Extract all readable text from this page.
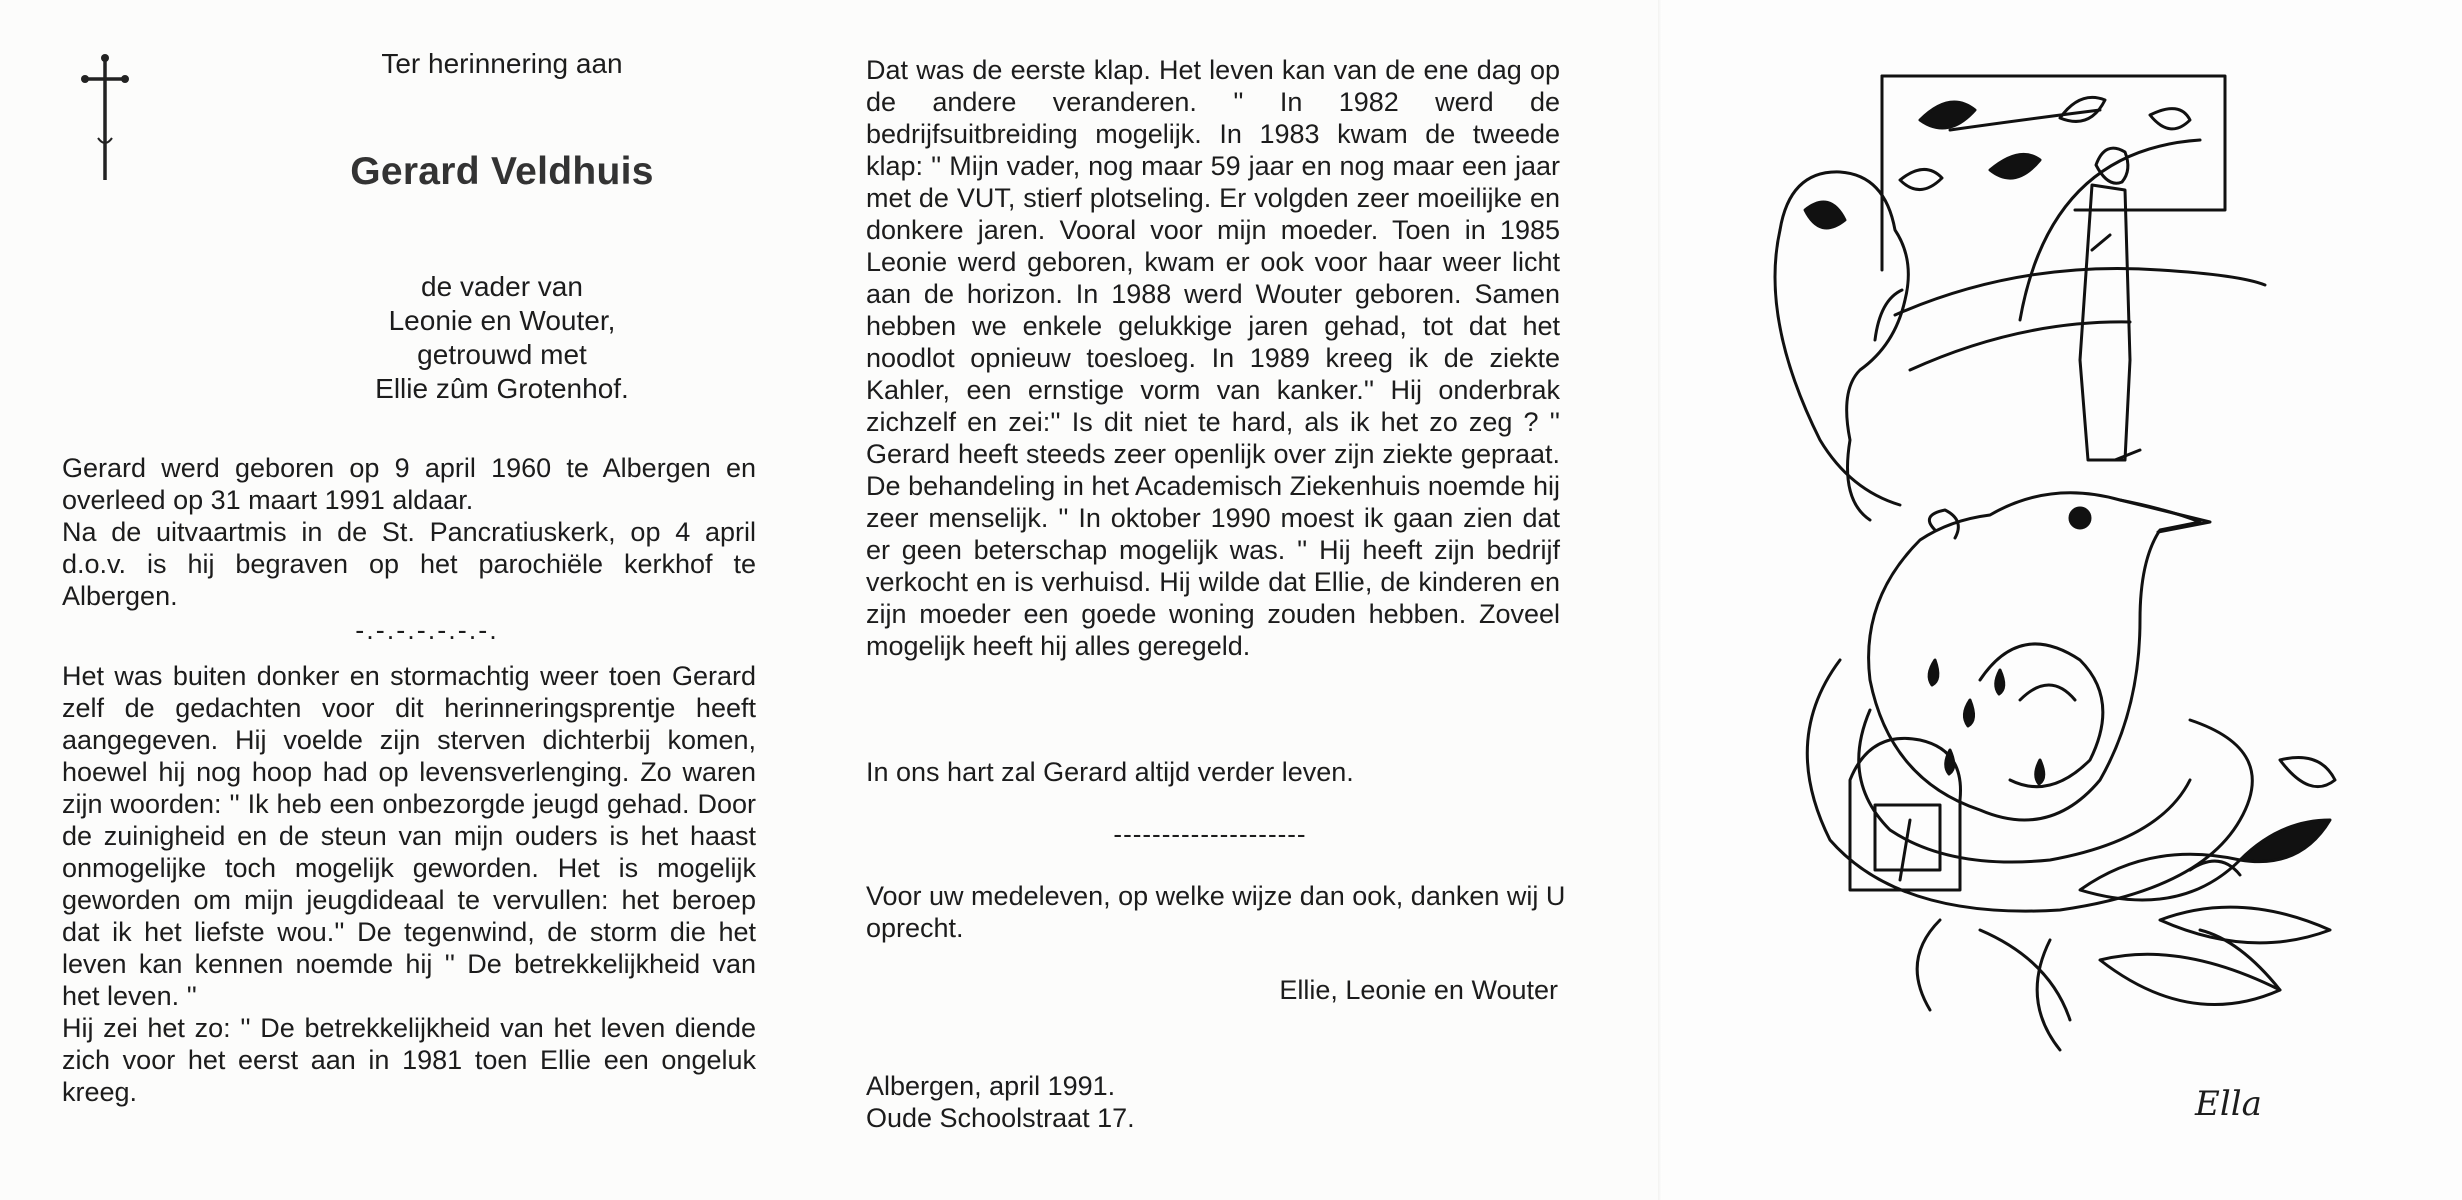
Ter herinnering aan
Gerard Veldhuis
de vader van
Leonie en Wouter,
getrouwd met
Ellie zûm Grotenhof.
Gerard werd geboren op 9 april 1960 te Albergen en overleed op 31 maart 1991 aldaar.
Na de uitvaartmis in de St. Pancratiuskerk, op 4 april d.o.v. is hij begraven op het parochiële kerkhof te Albergen.
-.-.-.-.-.-.-.
Het was buiten donker en stormachtig weer toen Gerard zelf de gedachten voor dit herinneringsprentje heeft aangegeven. Hij voelde zijn sterven dichterbij komen, hoewel hij nog hoop had op levensverlenging. Zo waren zijn woorden: '' Ik heb een onbezorgde jeugd gehad. Door de zuinigheid en de steun van mijn ouders is het haast onmogelijke toch mogelijk geworden. Het is mogelijk geworden om mijn jeugdideaal te vervullen: het beroep dat ik het liefste wou.'' De tegenwind, de storm die het leven kan kennen noemde hij '' De betrekkelijkheid van het leven. ''
Hij zei het zo: '' De betrekkelijkheid van het leven diende zich voor het eerst aan in 1981 toen Ellie een ongeluk kreeg.
Dat was de eerste klap. Het leven kan van de ene dag op de andere veranderen. '' In 1982 werd de bedrijfsuitbreiding mogelijk. In 1983 kwam de tweede klap: '' Mijn vader, nog maar 59 jaar en nog maar een jaar met de VUT, stierf plotseling. Er volgden zeer moeilijke en donkere jaren. Vooral voor mijn moeder. Toen in 1985 Leonie werd geboren, kwam er ook voor haar weer licht aan de horizon. In 1988 werd Wouter geboren. Samen hebben we enkele gelukkige jaren gehad, tot dat het noodlot opnieuw toesloeg. In 1989 kreeg ik de ziekte Kahler, een ernstige vorm van kanker.'' Hij onderbrak zichzelf en zei:'' Is dit niet te hard, als ik het zo zeg ? '' Gerard heeft steeds zeer openlijk over zijn ziekte gepraat. De behandeling in het Academisch Ziekenhuis noemde hij zeer menselijk. '' In oktober 1990 moest ik gaan zien dat er geen beterschap mogelijk was. '' Hij heeft zijn bedrijf verkocht en is verhuisd. Hij wilde dat Ellie, de kinderen en zijn moeder een goede woning zouden hebben. Zoveel mogelijk heeft hij alles geregeld.
In ons hart zal Gerard altijd verder leven.
--------------------
Voor uw medeleven, op welke wijze dan ook, danken wij U oprecht.
Ellie, Leonie en Wouter
Albergen, april 1991.
Oude Schoolstraat 17.	Ella
